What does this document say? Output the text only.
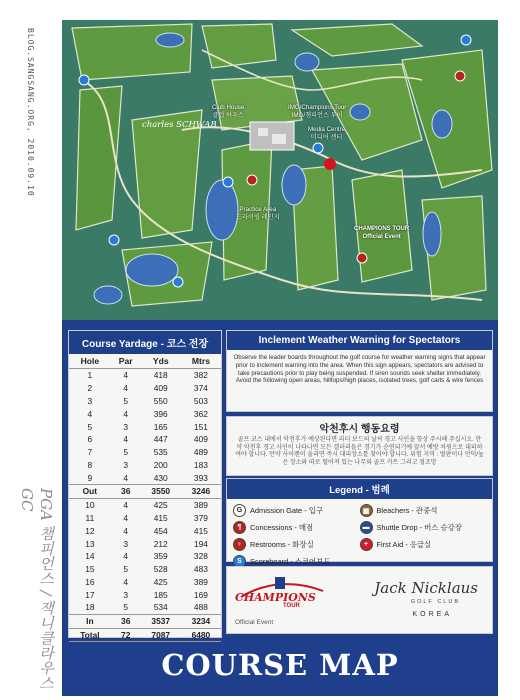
BLOG.SANGSANG.ORG, 2010.09.10
PGA 챔피언스 / 잭니클라우스GC
Club House
클럽 하우스
IMG/Champions Tour
IMG/챔피언스 투어
Media Centre
미디어 센터
Practice Area
드라이빙 레인지
charles SCHWAB
CHAMPIONS TOUR
Official Event
Course Yardage - 코스 전장
Hole	Par	Yds	Mtrs
1	4	418	382
2	4	409	374
3	5	550	503
4	4	396	362
5	3	165	151
6	4	447	409
7	5	535	489
8	3	200	183
9	4	430	393
Out	36	3550	3246
10	4	425	389
11	4	415	379
12	4	454	415
13	3	212	194
14	4	359	328
15	5	528	483
16	4	425	389
17	3	185	169
18	5	534	488
In	36	3537	3234
Total	72	7087	6480
Inclement Weather Warning for Spectators
Observe the leader boards throughout the golf course for weather warning signs that appear prior to inclement warning into the area. When this sign appears, spectators are advised to take precautions prior to play being suspended. If siren sounds seek shelter immediately. Avoid the following open areas, hilltops/high places, isolated trees, golf carts & wire fences
악천후시 행동요령
골프 코스 내에서 악천후가 예상된다면 리더 보드의 날씨 경고 사인을 항상 주시해 주십시오. 만약 악천후 경고 사인이 나타나면 모든 갤러리들은 경기가 순연되기에 앞서 예방 차원으로 대피하여야 합니다. 만약 사이렌이 울리면 즉시 대피장소를 찾아야 합니다. 위험 지역 : 벌판이나 언덕/높은 장소와 따로 떨어져 있는 나무와 골프 카트 그리고 철조망
Legend - 범례
G	Admission Gate - 입구	▦ Bleachers - 관중석
¶	Concessions - 매점	▬ Shuttle Drop - 버스 승강장
♀	Restrooms - 화장실	+	First Aid - 응급실
S	Scoreboard - 스코어보드
CHAMPIONS
TOUR
Official Event
Jack Nicklaus
GOLF CLUB
KOREA
COURSE MAP
